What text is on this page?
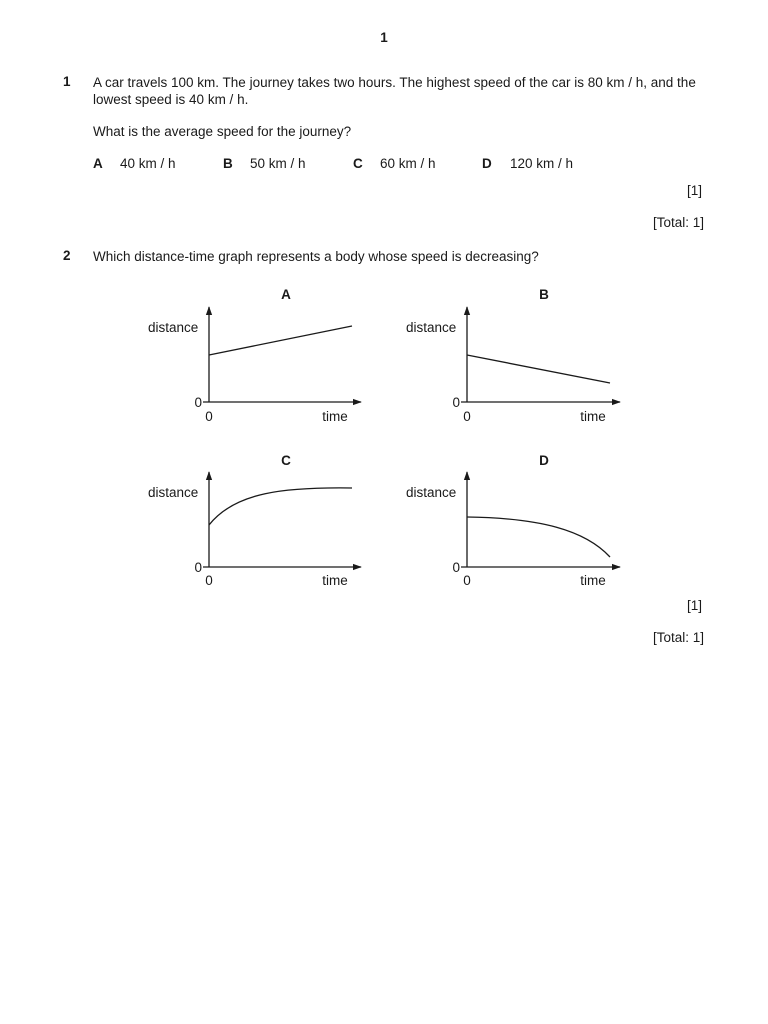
1
1 A car travels 100 km. The journey takes two hours. The highest speed of the car is 80 km / h, and the lowest speed is 40 km / h.
What is the average speed for the journey?
A 40 km / h	B 50 km / h	C 60 km / h	D 120 km / h
[1]
[Total: 1]
2 Which distance-time graph represents a body whose speed is decreasing?
A
distance
0
0	time
B
distance
0
0	time
C
distance
0
0	time
D
distance
0
0	time
[1]
[Total: 1]
